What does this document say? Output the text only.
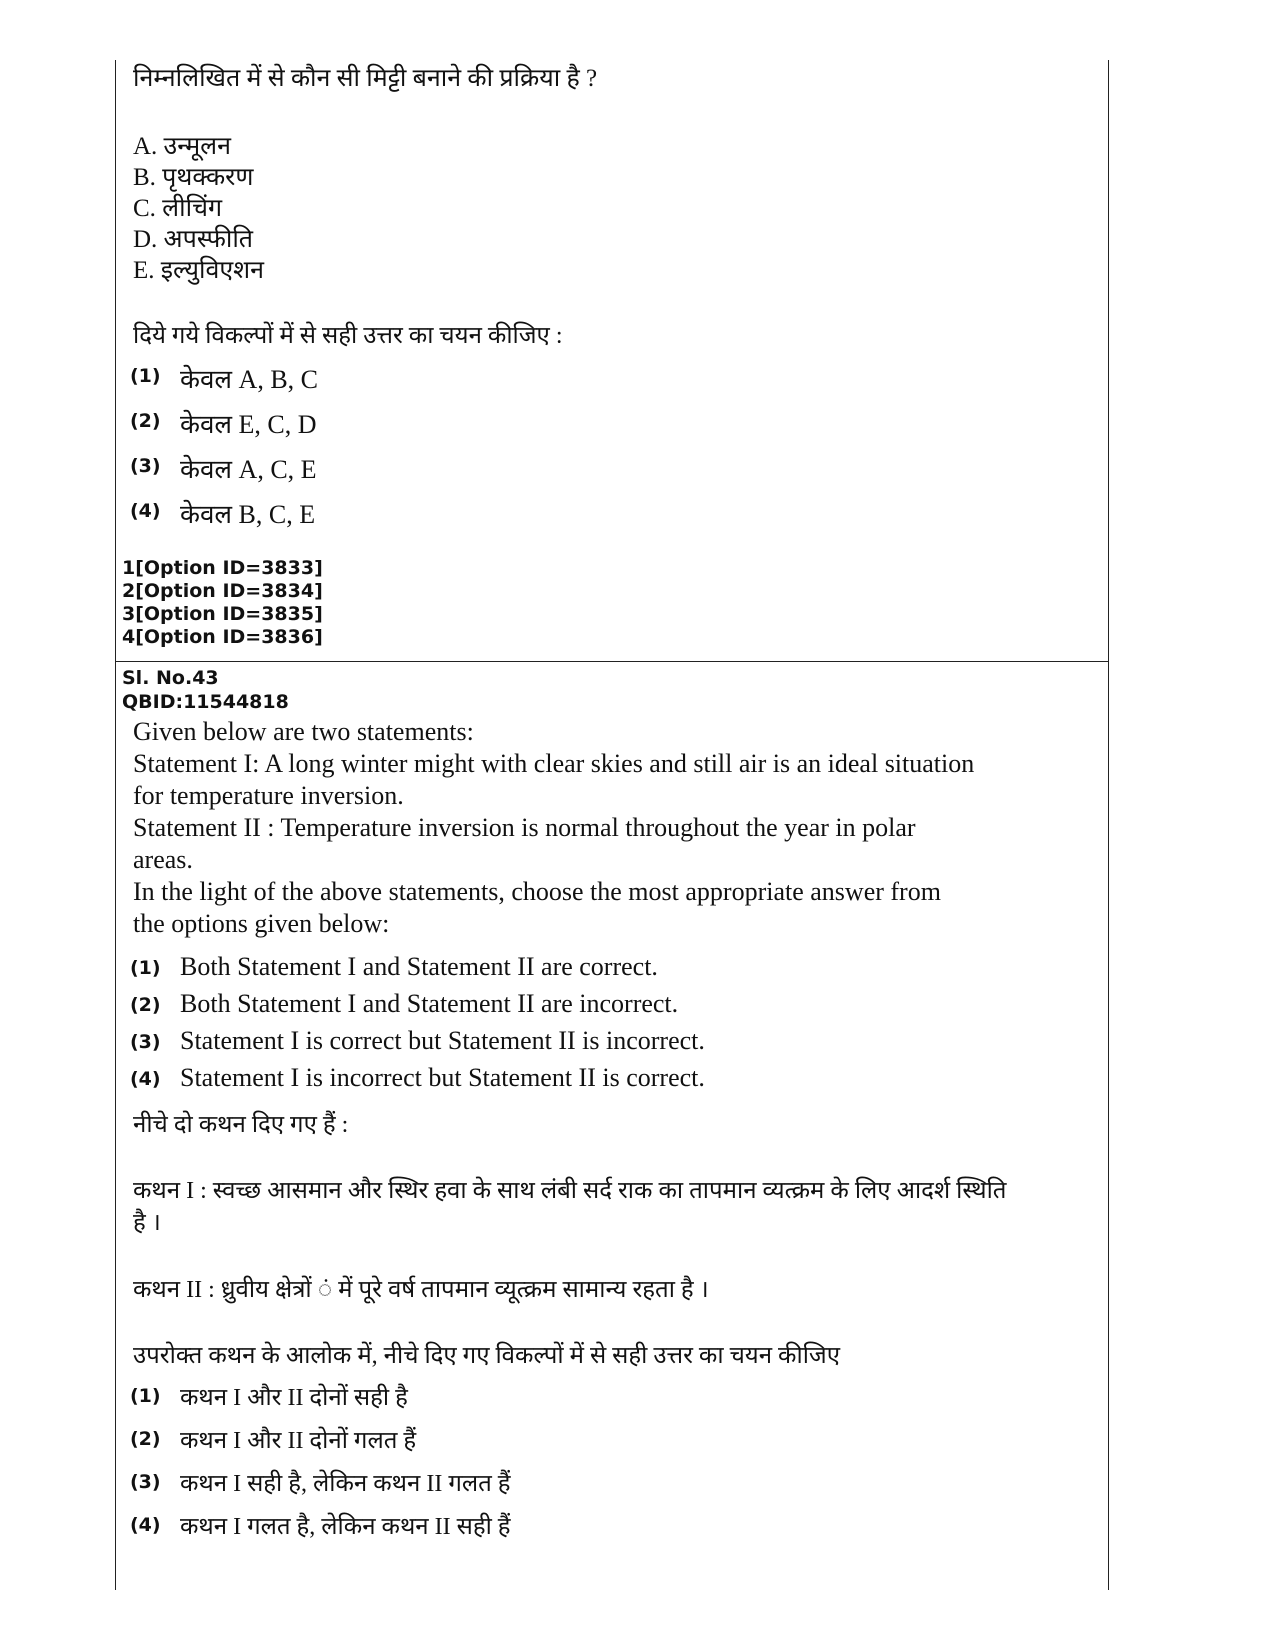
निम्नलिखित में से कौन सी मिट्टी बनाने की प्रक्रिया है ?
A. उन्मूलन
B. पृथक्करण
C. लीचिंग
D. अपस्फीति
E. इल्युविएशन
दिये गये विकल्पों में से सही उत्तर का चयन कीजिए :
(1) केवल A, B, C
(2) केवल E, C, D
(3) केवल A, C, E
(4) केवल B, C, E
1[Option ID=3833]
2[Option ID=3834]
3[Option ID=3835]
4[Option ID=3836]
Sl. No.43
QBID:11544818
Given below are two statements:
Statement I: A long winter might with clear skies and still air is an ideal situation
for temperature inversion.
Statement II : Temperature inversion is normal throughout the year in polar
areas.
In the light of the above statements, choose the most appropriate answer from
the options given below:
(1) Both Statement I and Statement II are correct.
(2) Both Statement I and Statement II are incorrect.
(3) Statement I is correct but Statement II is incorrect.
(4) Statement I is incorrect but Statement II is correct.
नीचे दो कथन दिए गए हैं :
कथन I : स्वच्छ आसमान और स्थिर हवा के साथ लंबी सर्द राक का तापमान व्यत्क्रम के लिए आदर्श स्थिति
है ।
कथन II : ध्रुवीय क्षेत्रों ं में पूरे वर्ष तापमान व्यूत्क्रम सामान्य रहता है ।
उपरोक्त कथन के आलोक में, नीचे दिए गए विकल्पों में से सही उत्तर का चयन कीजिए
(1) कथन I और II दोनों सही है
(2) कथन I और II दोनों गलत हैं
(3) कथन I सही है, लेकिन कथन II गलत हैं
(4) कथन I गलत है, लेकिन कथन II सही हैं
